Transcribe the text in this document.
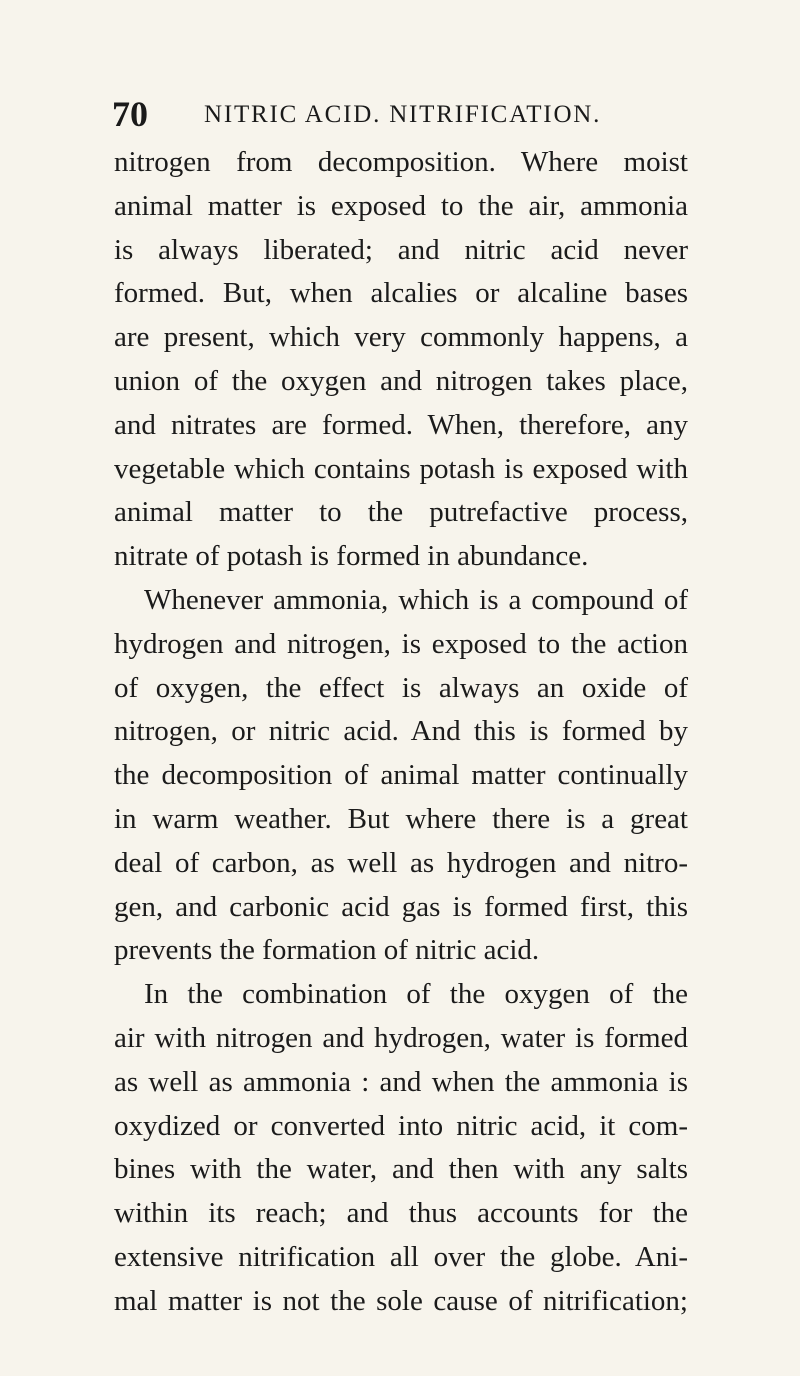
70 NITRIC ACID. NITRIFICATION.
nitrogen from decomposition. Where moist
animal matter is exposed to the air, ammonia
is always liberated; and nitric acid never
formed. But, when alcalies or alcaline bases
are present, which very commonly happens, a
union of the oxygen and nitrogen takes place,
and nitrates are formed. When, therefore, any
vegetable which contains potash is exposed with
animal matter to the putrefactive process,
nitrate of potash is formed in abundance.
Whenever ammonia, which is a compound of
hydrogen and nitrogen, is exposed to the action
of oxygen, the effect is always an oxide of
nitrogen, or nitric acid. And this is formed by
the decomposition of animal matter continually
in warm weather. But where there is a great
deal of carbon, as well as hydrogen and nitro-
gen, and carbonic acid gas is formed first, this
prevents the formation of nitric acid.
In the combination of the oxygen of the
air with nitrogen and hydrogen, water is formed
as well as ammonia : and when the ammonia is
oxydized or converted into nitric acid, it com-
bines with the water, and then with any salts
within its reach; and thus accounts for the
extensive nitrification all over the globe. Ani-
mal matter is not the sole cause of nitrification;
